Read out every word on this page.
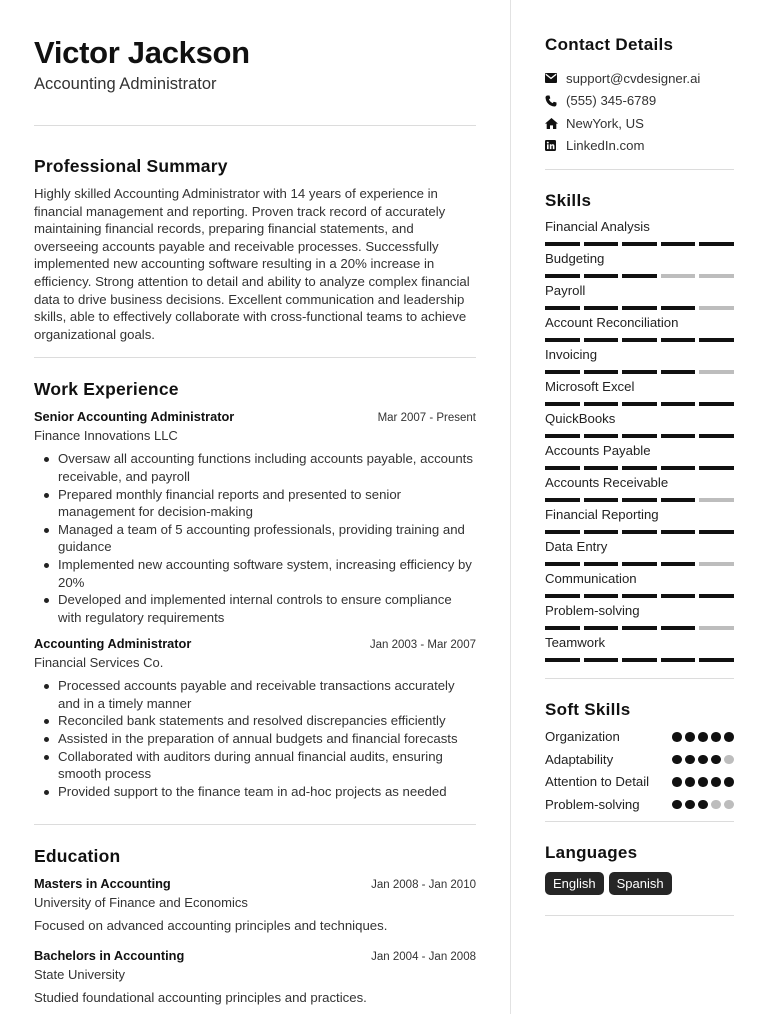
Victor Jackson
Accounting Administrator
Professional Summary

Highly skilled Accounting Administrator with 14 years of experience in financial management and reporting. Proven track record of accurately maintaining financial records, preparing financial statements, and overseeing accounts payable and receivable processes. Successfully implemented new accounting software resulting in a 20% increase in efficiency. Strong attention to detail and ability to analyze complex financial data to drive business decisions. Excellent communication and leadership skills, able to effectively collaborate with cross-functional teams to achieve organizational goals.

Work Experience
Senior Accounting Administrator	Mar 2007 - Present
Finance Innovations LLC
Oversaw all accounting functions including accounts payable, accounts receivable, and payroll
Prepared monthly financial reports and presented to senior management for decision-making
Managed a team of 5 accounting professionals, providing training and guidance
Implemented new accounting software system, increasing efficiency by 20%
Developed and implemented internal controls to ensure compliance with regulatory requirements
Accounting Administrator	Jan 2003 - Mar 2007
Financial Services Co.
Processed accounts payable and receivable transactions accurately and in a timely manner
Reconciled bank statements and resolved discrepancies efficiently
Assisted in the preparation of annual budgets and financial forecasts
Collaborated with auditors during annual financial audits, ensuring smooth process
Provided support to the finance team in ad-hoc projects as needed
Education
Masters in Accounting	Jan 2008 - Jan 2010
University of Finance and Economics
Focused on advanced accounting principles and techniques.
Bachelors in Accounting	Jan 2004 - Jan 2008
State University
Studied foundational accounting principles and practices.
Contact Details
support@cvdesigner.ai
(555) 345-6789
NewYork, US
LinkedIn.com
Skills
Financial Analysis
Budgeting
Payroll
Account Reconciliation
Invoicing
Microsoft Excel
QuickBooks
Accounts Payable
Accounts Receivable
Financial Reporting
Data Entry
Communication
Problem-solving
Teamwork
Soft Skills
Organization
Adaptability
Attention to Detail
Problem-solving
Languages
English	Spanish
